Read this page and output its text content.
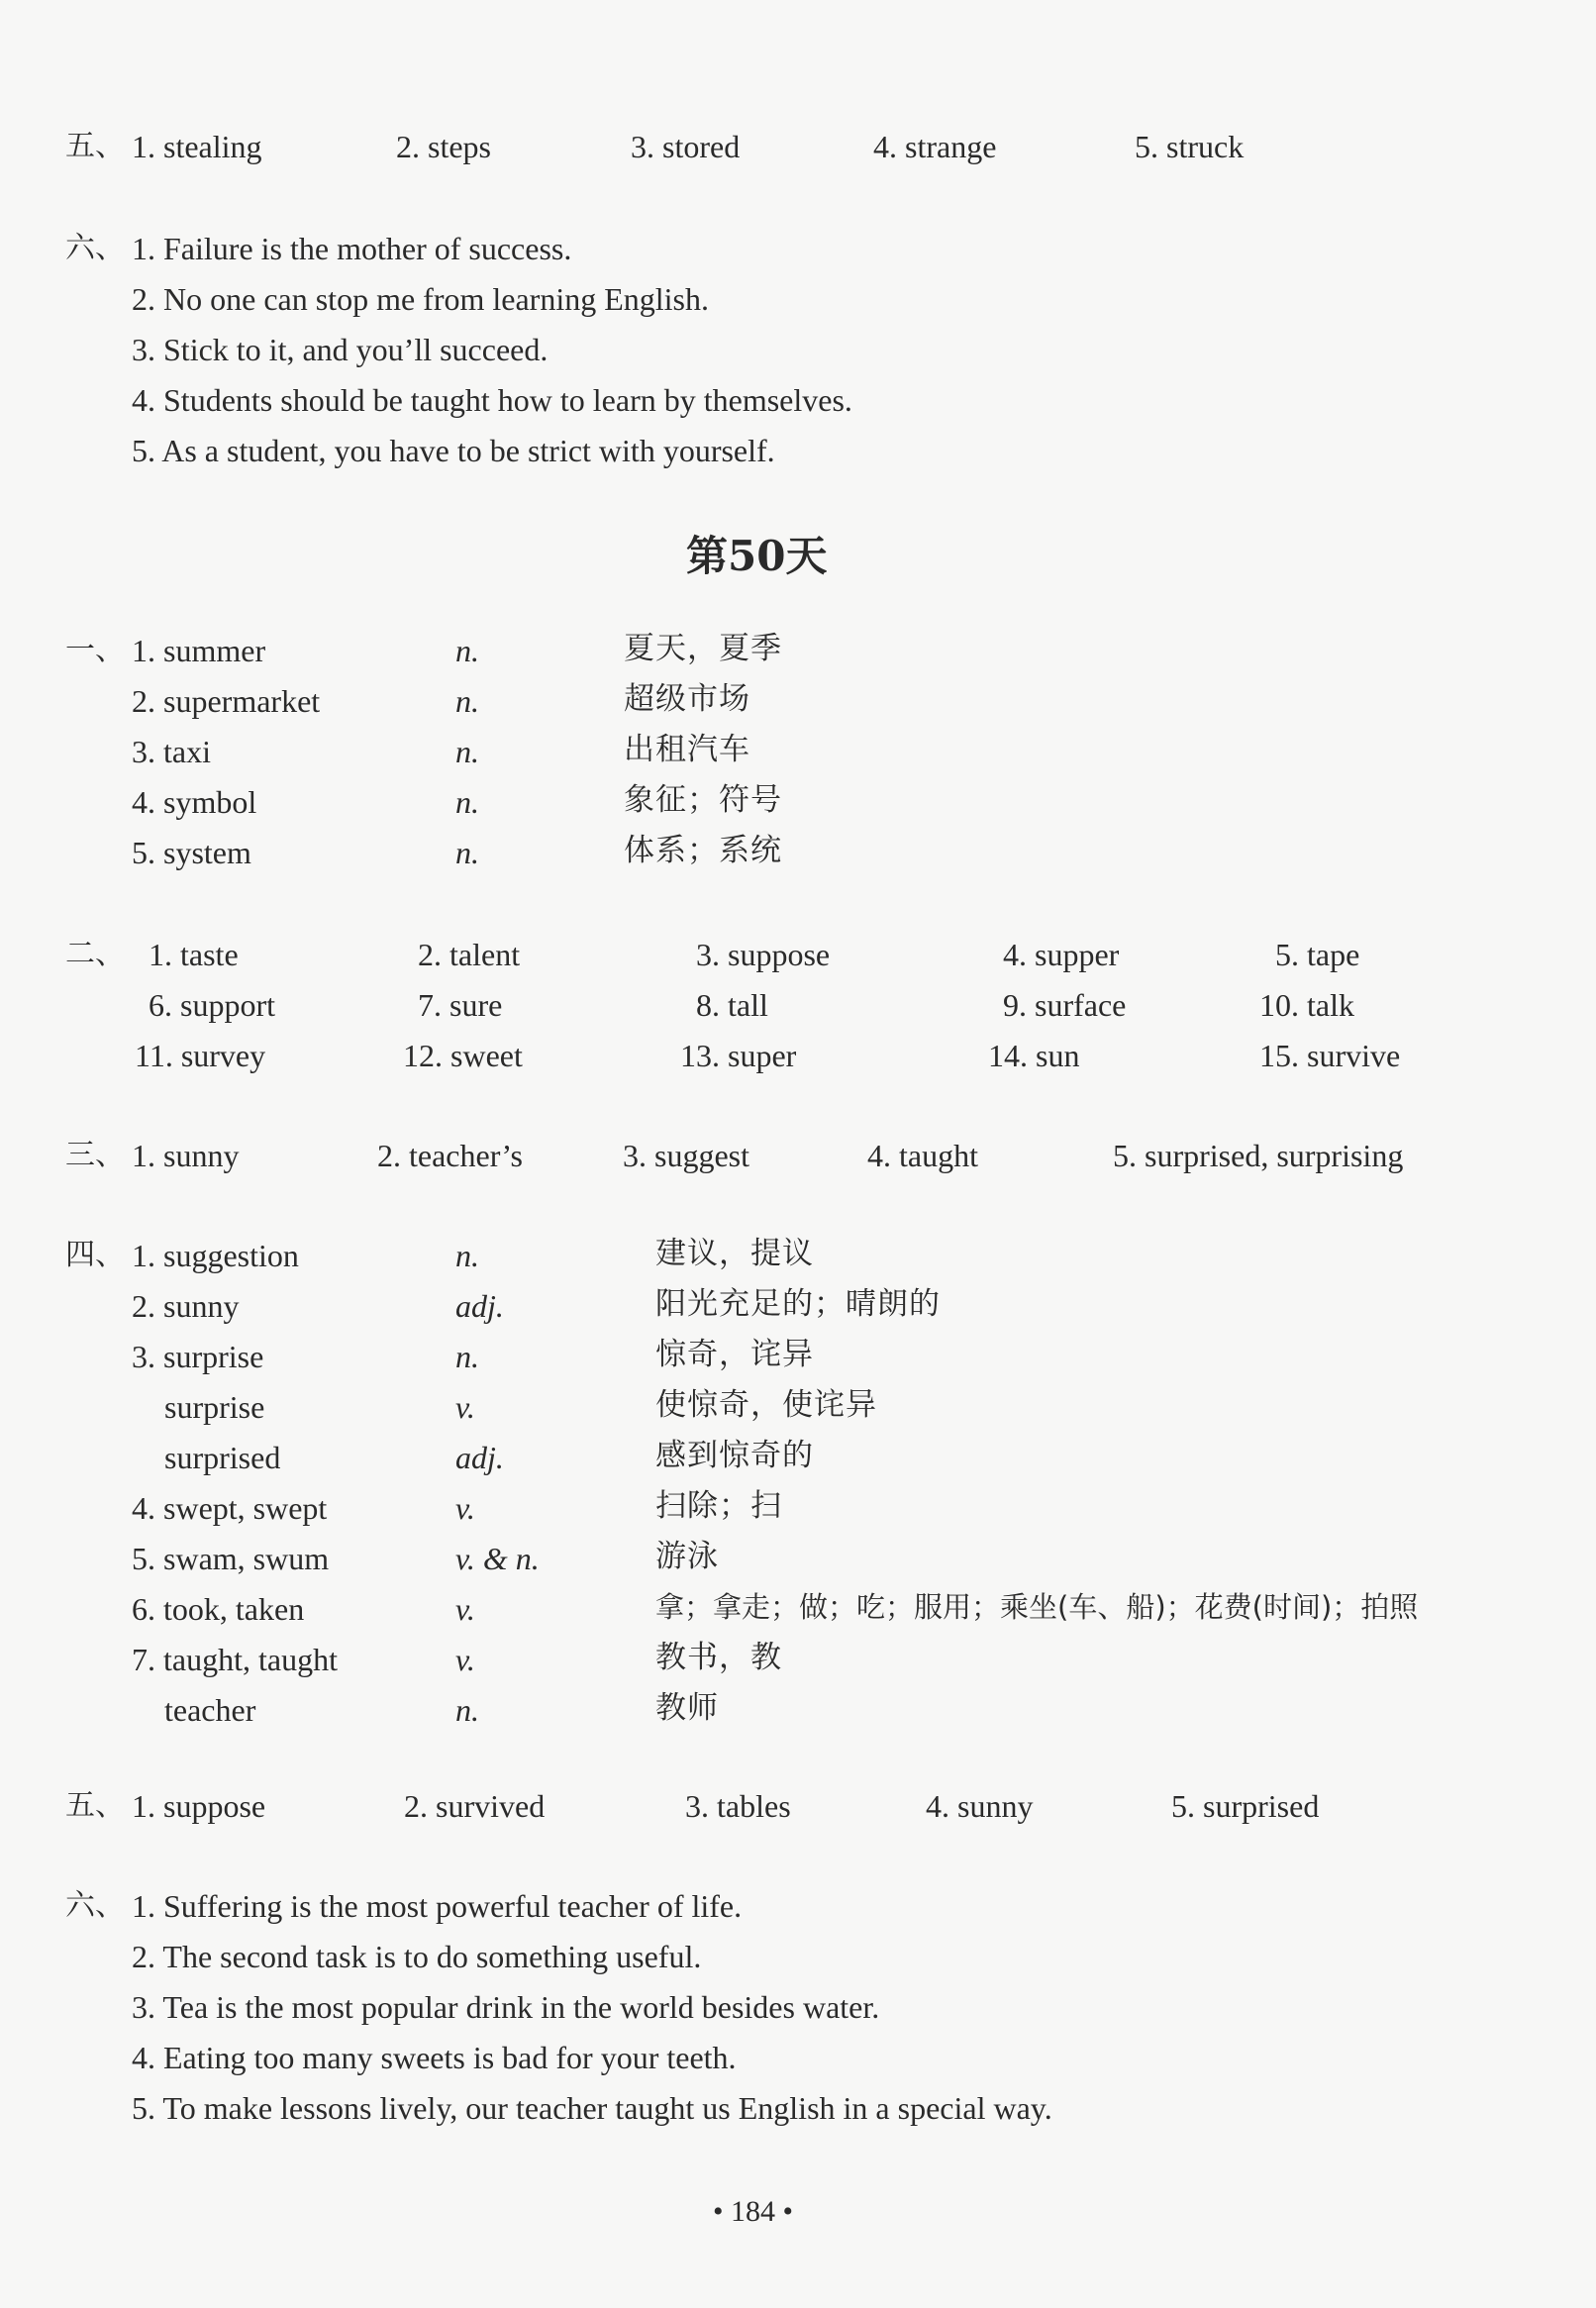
五、 1. stealing	2. steps	3. stored	4. strange	5. struck
六、 1. Failure is the mother of success.
2. No one can stop me from learning English.
3. Stick to it, and you’ll succeed.
4. Students should be taught how to learn by themselves.
5. As a student, you have to be strict with yourself.
第50天
一、 1. summer	n.	夏天，夏季
2. supermarket	n.	超级市场
3. taxi	n.	出租汽车
4. symbol	n.	象征；符号
5. system	n.	体系；系统
二、 1. taste	2. talent	3. suppose	4. supper	5. tape
6. support	7. sure	8. tall	9. surface	10. talk
11. survey	12. sweet	13. super	14. sun	15. survive
三、 1. sunny	2. teacher’s	3. suggest	4. taught	5. surprised, surprising
四、 1. suggestion	n.	建议，提议
2. sunny	adj.	阳光充足的；晴朗的
3. surprise	n.	惊奇，诧异
surprise	v.	使惊奇，使诧异
surprised	adj.	感到惊奇的
4. swept, swept	v.	扫除；扫
5. swam, swum	v. & n.	游泳
6. took, taken	v.	拿；拿走；做；吃；服用；乘坐(车、船)；花费(时间)；拍照
7. taught, taught	v.	教书，教
teacher	n.	教师
五、 1. suppose	2. survived	3. tables	4. sunny	5. surprised
六、 1. Suffering is the most powerful teacher of life.
2. The second task is to do something useful.
3. Tea is the most popular drink in the world besides water.
4. Eating too many sweets is bad for your teeth.
5. To make lessons lively, our teacher taught us English in a special way.
• 184 •
